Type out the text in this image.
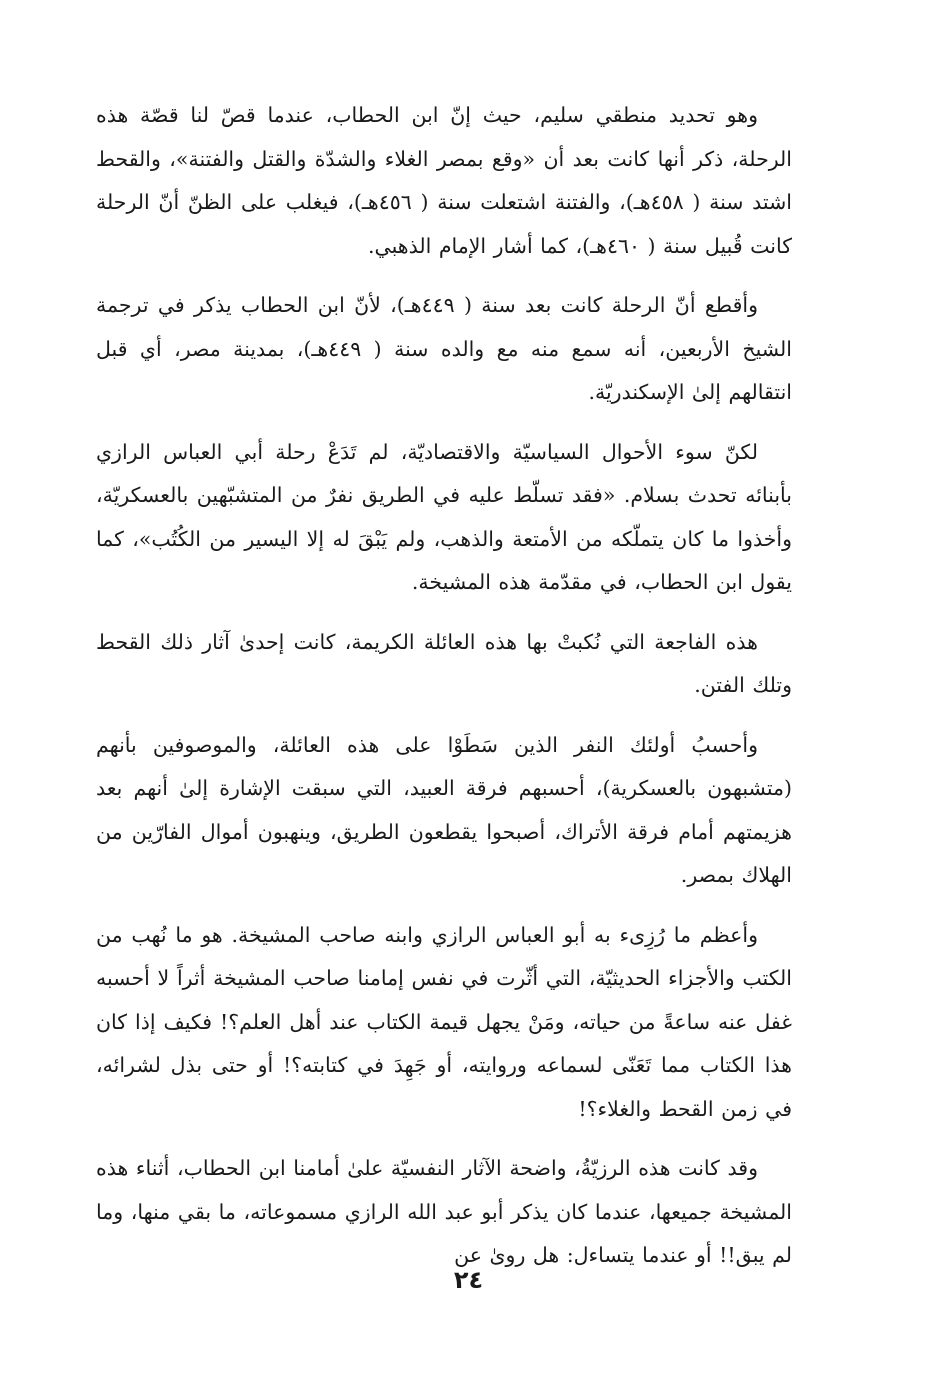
وهو تحديد منطقي سليم، حيث إنّ ابن الحطاب، عندما قصّ لنا قصّة هذه الرحلة، ذكر أنها كانت بعد أن «وقع بمصر الغلاء والشدّة والقتل والفتنة»، والقحط اشتد سنة ( ٤٥٨هـ)، والفتنة اشتعلت سنة ( ٤٥٦هـ)، فيغلب على الظنّ أنّ الرحلة كانت قُبيل سنة ( ٤٦٠هـ)، كما أشار الإمام الذهبي.

وأقطع أنّ الرحلة كانت بعد سنة ( ٤٤٩هـ)، لأنّ ابن الحطاب يذكر في ترجمة الشيخ الأربعين، أنه سمع منه مع والده سنة ( ٤٤٩هـ)، بمدينة مصر، أي قبل انتقالهم إلىٰ الإسكندريّة.

لكنّ سوء الأحوال السياسيّة والاقتصاديّة، لم تَدَعْ رحلة أبي العباس الرازي بأبنائه تحدث بسلام. «فقد تسلّط عليه في الطريق نفرٌ من المتشبّهين بالعسكريّة، وأخذوا ما كان يتملّكه من الأمتعة والذهب، ولم يَبْقَ له إلا اليسير من الكُتُب»، كما يقول ابن الحطاب، في مقدّمة هذه المشيخة.

هذه الفاجعة التي نُكبتْ بها هذه العائلة الكريمة، كانت إحدىٰ آثار ذلك القحط وتلك الفتن.

وأحسبُ أولئك النفر الذين سَطَوْا على هذه العائلة، والموصوفين بأنهم (متشبهون بالعسكرية)، أحسبهم فرقة العبيد، التي سبقت الإشارة إلىٰ أنهم بعد هزيمتهم أمام فرقة الأتراك، أصبحوا يقطعون الطريق، وينهبون أموال الفارّين من الهلاك بمصر.

وأعظم ما رُزِىء به أبو العباس الرازي وابنه صاحب المشيخة. هو ما نُهب من الكتب والأجزاء الحديثيّة، التي أثّرت في نفس إمامنا صاحب المشيخة أثراً لا أحسبه غفل عنه ساعةً من حياته، ومَنْ يجهل قيمة الكتاب عند أهل العلم؟! فكيف إذا كان هذا الكتاب مما تَعَنّى لسماعه وروايته، أو جَهِدَ في كتابته؟! أو حتى بذل لشرائه، في زمن القحط والغلاء؟!

وقد كانت هذه الرزيّةُ، واضحة الآثار النفسيّة علىٰ أمامنا ابن الحطاب، أثناء هذه المشيخة جميعها، عندما كان يذكر أبو عبد الله الرازي مسموعاته، ما بقي منها، وما لم يبق!! أو عندما يتساءل: هل روىٰ عن

٢٤
